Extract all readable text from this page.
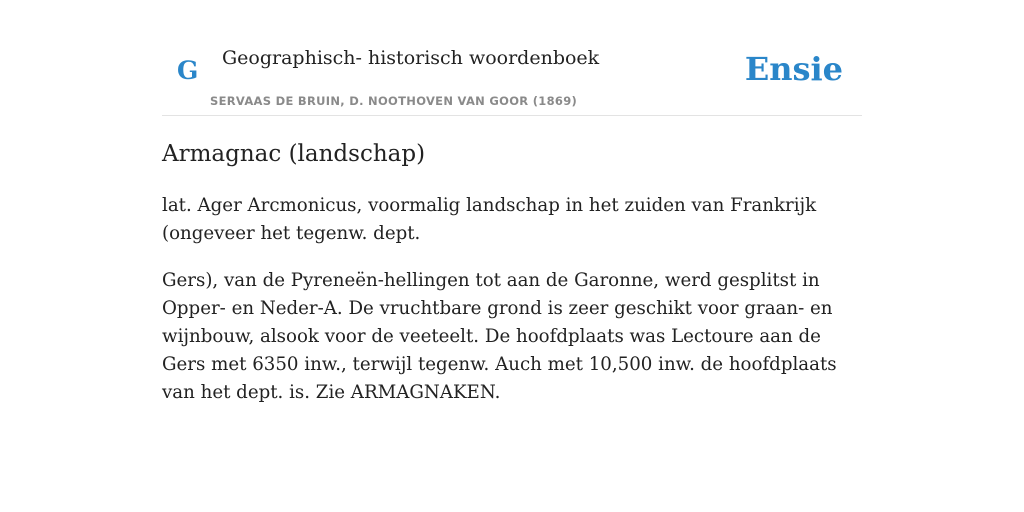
G Geographisch- historisch woordenboek
SERVAAS DE BRUIN, D. NOOTHOVEN VAN GOOR (1869)
Ensie
Armagnac (landschap)

lat. Ager Arcmonicus, voormalig landschap in het zuiden van Frankrijk (ongeveer het tegenw. dept.

Gers), van de Pyreneën-hellingen tot aan de Garonne, werd gesplitst in Opper- en Neder-A. De vruchtbare grond is zeer geschikt voor graan- en wijnbouw, alsook voor de veeteelt. De hoofdplaats was Lectoure aan de Gers met 6350 inw., terwijl tegenw. Auch met 10,500 inw. de hoofdplaats van het dept. is. Zie ARMAGNAKEN.
